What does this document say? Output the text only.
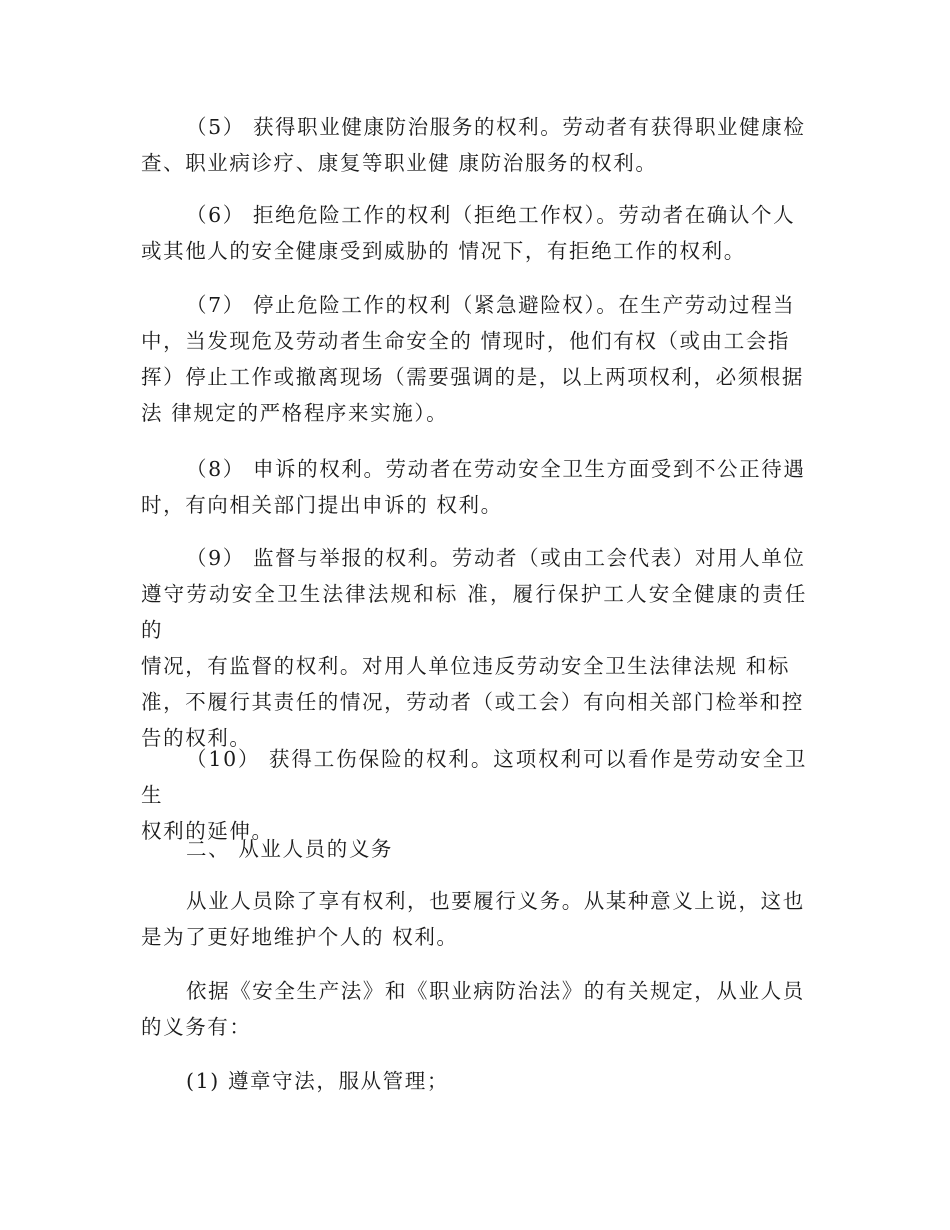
（5） 获得职业健康防治服务的权利。劳动者有获得职业健康检
查、职业病诊疗、康复等职业健 康防治服务的权利。

（6） 拒绝危险工作的权利（拒绝工作权）。劳动者在确认个人
或其他人的安全健康受到威胁的 情况下，有拒绝工作的权利。

（7） 停止危险工作的权利（紧急避险权）。在生产劳动过程当
中，当发现危及劳动者生命安全的 情现时，他们有权（或由工会指
挥）停止工作或撤离现场（需要强调的是，以上两项权利，必须根据
法 律规定的严格程序来实施）。

（8） 申诉的权利。劳动者在劳动安全卫生方面受到不公正待遇
时，有向相关部门提出申诉的 权利。

（9） 监督与举报的权利。劳动者（或由工会代表）对用人单位
遵守劳动安全卫生法律法规和标 准，履行保护工人安全健康的责任的
情况，有监督的权利。对用人单位违反劳动安全卫生法律法规 和标
准，不履行其责任的情况，劳动者（或工会）有向相关部门检举和控
告的权利。

（10） 获得工伤保险的权利。这项权利可以看作是劳动安全卫生
权利的延伸。

二、 从业人员的义务

从业人员除了享有权利，也要履行义务。从某种意义上说，这也
是为了更好地维护个人的 权利。

依据《安全生产法》和《职业病防治法》的有关规定，从业人员
的义务有：

(1) 遵章守法，服从管理；
